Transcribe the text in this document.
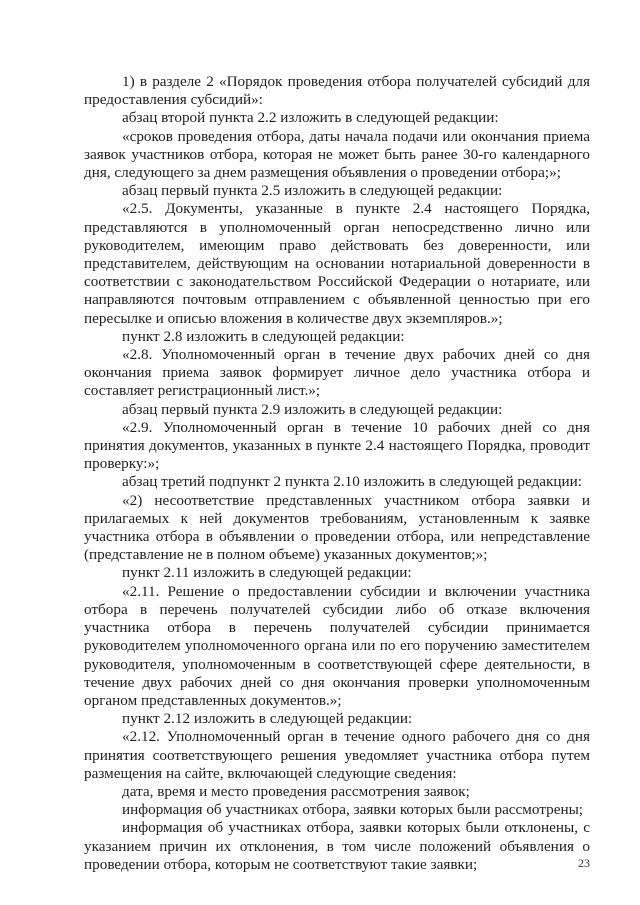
1) в разделе 2 «Порядок проведения отбора получателей субсидий для предоставления субсидий»:

абзац второй пункта 2.2 изложить в следующей редакции:

«сроков проведения отбора, даты начала подачи или окончания приема заявок участников отбора, которая не может быть ранее 30-го календарного дня, следующего за днем размещения объявления о проведении отбора;»;

абзац первый пункта 2.5 изложить в следующей редакции:

«2.5. Документы, указанные в пункте 2.4 настоящего Порядка, представляются в уполномоченный орган непосредственно лично или руководителем, имеющим право действовать без доверенности, или представителем, действующим на основании нотариальной доверенности в соответствии с законодательством Российской Федерации о нотариате, или направляются почтовым отправлением с объявленной ценностью при его пересылке и описью вложения в количестве двух экземпляров.»;

пункт 2.8 изложить в следующей редакции:

«2.8. Уполномоченный орган в течение двух рабочих дней со дня окончания приема заявок формирует личное дело участника отбора и составляет регистрационный лист.»;

абзац первый пункта 2.9 изложить в следующей редакции:

«2.9. Уполномоченный орган в течение 10 рабочих дней со дня принятия документов, указанных в пункте 2.4 настоящего Порядка, проводит проверку:»;

абзац третий подпункт 2 пункта 2.10 изложить в следующей редакции:

«2) несоответствие представленных участником отбора заявки и прилагаемых к ней документов требованиям, установленным к заявке участника отбора в объявлении о проведении отбора, или непредставление (представление не в полном объеме) указанных документов;»;

пункт 2.11 изложить в следующей редакции:

«2.11. Решение о предоставлении субсидии и включении участника отбора в перечень получателей субсидии либо об отказе включения участника отбора в перечень получателей субсидии принимается руководителем уполномоченного органа или по его поручению заместителем руководителя, уполномоченным в соответствующей сфере деятельности, в течение двух рабочих дней со дня окончания проверки уполномоченным органом представленных документов.»;

пункт 2.12 изложить в следующей редакции:

«2.12. Уполномоченный орган в течение одного рабочего дня со дня принятия соответствующего решения уведомляет участника отбора путем размещения на сайте, включающей следующие сведения:

дата, время и место проведения рассмотрения заявок;

информация об участниках отбора, заявки которых были рассмотрены;

информация об участниках отбора, заявки которых были отклонены, с указанием причин их отклонения, в том числе положений объявления о проведении отбора, которым не соответствуют такие заявки;	23
